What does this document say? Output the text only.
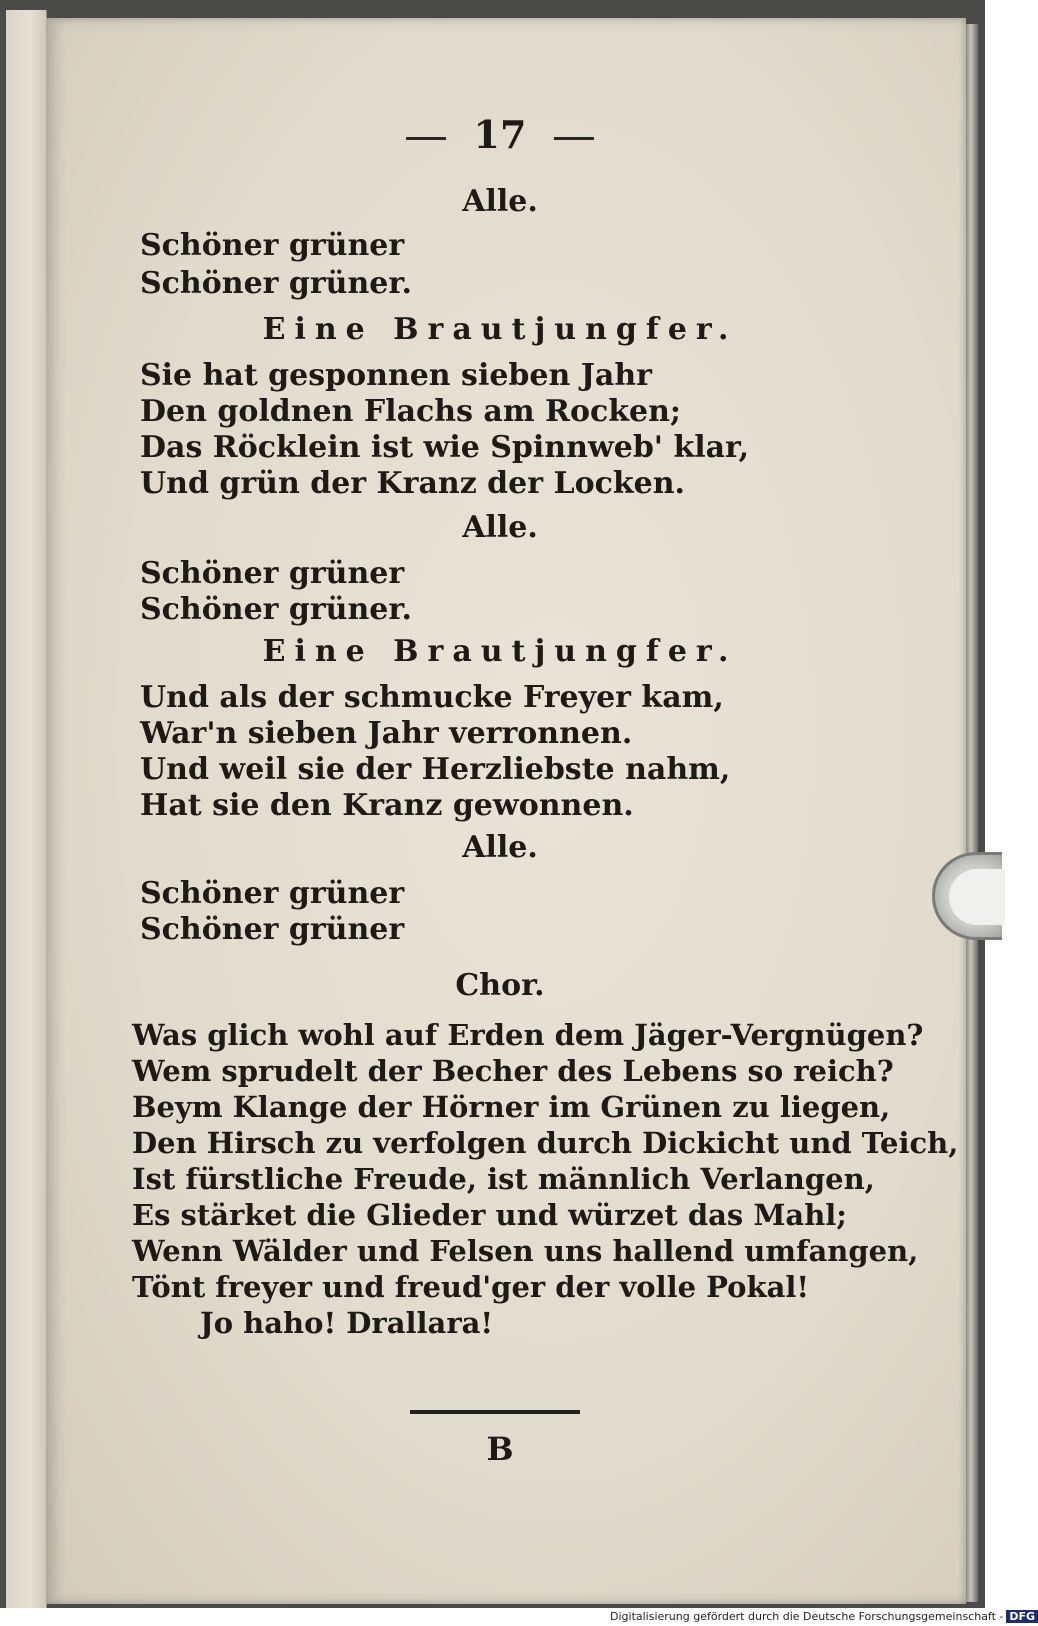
17
Alle.
Schöner grüner
Schöner grüner.
Eine Brautjungfer.
Sie hat gesponnen sieben Jahr
Den goldnen Flachs am Rocken;
Das Röcklein ist wie Spinnweb' klar,
Und grün der Kranz der Locken.
Alle.
Schöner grüner
Schöner grüner.
Eine Brautjungfer.
Und als der schmucke Freyer kam,
War'n sieben Jahr verronnen.
Und weil sie der Herzliebste nahm,
Hat sie den Kranz gewonnen.
Alle.
Schöner grüner
Schöner grüner
Chor.
Was glich wohl auf Erden dem Jäger-Vergnügen?
Wem sprudelt der Becher des Lebens so reich?
Beym Klange der Hörner im Grünen zu liegen,
Den Hirsch zu verfolgen durch Dickicht und Teich,
Ist fürstliche Freude, ist männlich Verlangen,
Es stärket die Glieder und würzet das Mahl;
Wenn Wälder und Felsen uns hallend umfangen,
Tönt freyer und freud'ger der volle Pokal!
Jo haho! Drallara!
B
Digitalisierung gefördert durch die Deutsche Forschungsgemeinschaft - DFG
